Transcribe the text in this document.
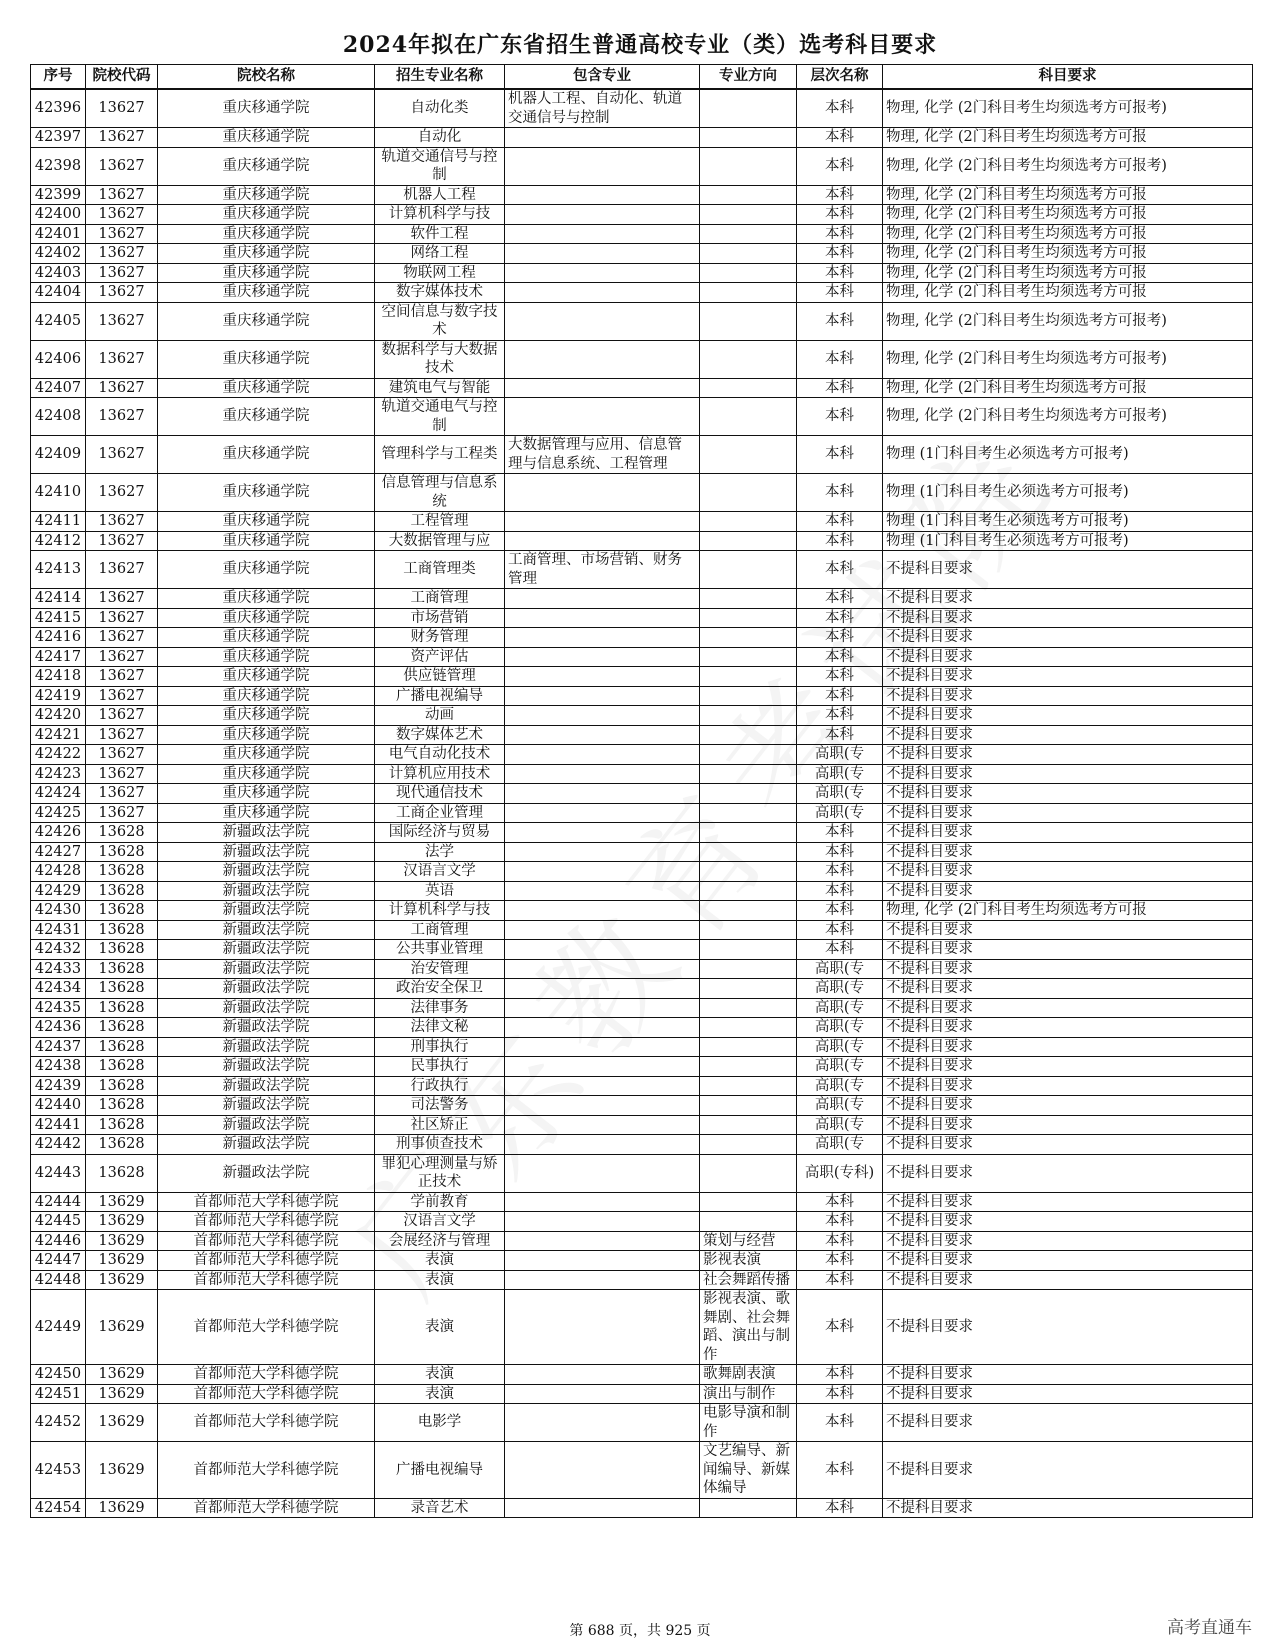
2024年拟在广东省招生普通高校专业（类）选考科目要求
序号	院校代码	院校名称	招生专业名称	包含专业	专业方向	层次名称	科目要求
42396	13627	重庆移通学院	自动化类	机器人工程、自动化、轨道交通信号与控制		本科	物理, 化学 (2门科目考生均须选考方可报考)
42397	13627	重庆移通学院	自动化			本科	物理, 化学 (2门科目考生均须选考方可报
42398	13627	重庆移通学院	轨道交通信号与控制			本科	物理, 化学 (2门科目考生均须选考方可报考)
42399	13627	重庆移通学院	机器人工程			本科	物理, 化学 (2门科目考生均须选考方可报
42400	13627	重庆移通学院	计算机科学与技			本科	物理, 化学 (2门科目考生均须选考方可报
42401	13627	重庆移通学院	软件工程			本科	物理, 化学 (2门科目考生均须选考方可报
42402	13627	重庆移通学院	网络工程			本科	物理, 化学 (2门科目考生均须选考方可报
42403	13627	重庆移通学院	物联网工程			本科	物理, 化学 (2门科目考生均须选考方可报
42404	13627	重庆移通学院	数字媒体技术			本科	物理, 化学 (2门科目考生均须选考方可报
42405	13627	重庆移通学院	空间信息与数字技术			本科	物理, 化学 (2门科目考生均须选考方可报考)
42406	13627	重庆移通学院	数据科学与大数据技术			本科	物理, 化学 (2门科目考生均须选考方可报考)
42407	13627	重庆移通学院	建筑电气与智能			本科	物理, 化学 (2门科目考生均须选考方可报
42408	13627	重庆移通学院	轨道交通电气与控制			本科	物理, 化学 (2门科目考生均须选考方可报考)
42409	13627	重庆移通学院	管理科学与工程类	大数据管理与应用、信息管理与信息系统、工程管理		本科	物理 (1门科目考生必须选考方可报考)
42410	13627	重庆移通学院	信息管理与信息系统			本科	物理 (1门科目考生必须选考方可报考)
42411	13627	重庆移通学院	工程管理			本科	物理 (1门科目考生必须选考方可报考)
42412	13627	重庆移通学院	大数据管理与应			本科	物理 (1门科目考生必须选考方可报考)
42413	13627	重庆移通学院	工商管理类	工商管理、市场营销、财务管理		本科	不提科目要求
42414	13627	重庆移通学院	工商管理			本科	不提科目要求
42415	13627	重庆移通学院	市场营销			本科	不提科目要求
42416	13627	重庆移通学院	财务管理			本科	不提科目要求
42417	13627	重庆移通学院	资产评估			本科	不提科目要求
42418	13627	重庆移通学院	供应链管理			本科	不提科目要求
42419	13627	重庆移通学院	广播电视编导			本科	不提科目要求
42420	13627	重庆移通学院	动画			本科	不提科目要求
42421	13627	重庆移通学院	数字媒体艺术			本科	不提科目要求
42422	13627	重庆移通学院	电气自动化技术			高职(专	不提科目要求
42423	13627	重庆移通学院	计算机应用技术			高职(专	不提科目要求
42424	13627	重庆移通学院	现代通信技术			高职(专	不提科目要求
42425	13627	重庆移通学院	工商企业管理			高职(专	不提科目要求
42426	13628	新疆政法学院	国际经济与贸易			本科	不提科目要求
42427	13628	新疆政法学院	法学			本科	不提科目要求
42428	13628	新疆政法学院	汉语言文学			本科	不提科目要求
42429	13628	新疆政法学院	英语			本科	不提科目要求
42430	13628	新疆政法学院	计算机科学与技			本科	物理, 化学 (2门科目考生均须选考方可报
42431	13628	新疆政法学院	工商管理			本科	不提科目要求
42432	13628	新疆政法学院	公共事业管理			本科	不提科目要求
42433	13628	新疆政法学院	治安管理			高职(专	不提科目要求
42434	13628	新疆政法学院	政治安全保卫			高职(专	不提科目要求
42435	13628	新疆政法学院	法律事务			高职(专	不提科目要求
42436	13628	新疆政法学院	法律文秘			高职(专	不提科目要求
42437	13628	新疆政法学院	刑事执行			高职(专	不提科目要求
42438	13628	新疆政法学院	民事执行			高职(专	不提科目要求
42439	13628	新疆政法学院	行政执行			高职(专	不提科目要求
42440	13628	新疆政法学院	司法警务			高职(专	不提科目要求
42441	13628	新疆政法学院	社区矫正			高职(专	不提科目要求
42442	13628	新疆政法学院	刑事侦查技术			高职(专	不提科目要求
42443	13628	新疆政法学院	罪犯心理测量与矫正技术			高职(专科)	不提科目要求
42444	13629	首都师范大学科德学院	学前教育			本科	不提科目要求
42445	13629	首都师范大学科德学院	汉语言文学			本科	不提科目要求
42446	13629	首都师范大学科德学院	会展经济与管理		策划与经营	本科	不提科目要求
42447	13629	首都师范大学科德学院	表演		影视表演	本科	不提科目要求
42448	13629	首都师范大学科德学院	表演		社会舞蹈传播	本科	不提科目要求
42449	13629	首都师范大学科德学院	表演		影视表演、歌舞剧、社会舞蹈、演出与制作	本科	不提科目要求
42450	13629	首都师范大学科德学院	表演		歌舞剧表演	本科	不提科目要求
42451	13629	首都师范大学科德学院	表演		演出与制作	本科	不提科目要求
42452	13629	首都师范大学科德学院	电影学		电影导演和制作	本科	不提科目要求
42453	13629	首都师范大学科德学院	广播电视编导		文艺编导、新闻编导、新媒体编导	本科	不提科目要求
42454	13629	首都师范大学科德学院	录音艺术			本科	不提科目要求
第 688 页，共 925 页	高考直通车
